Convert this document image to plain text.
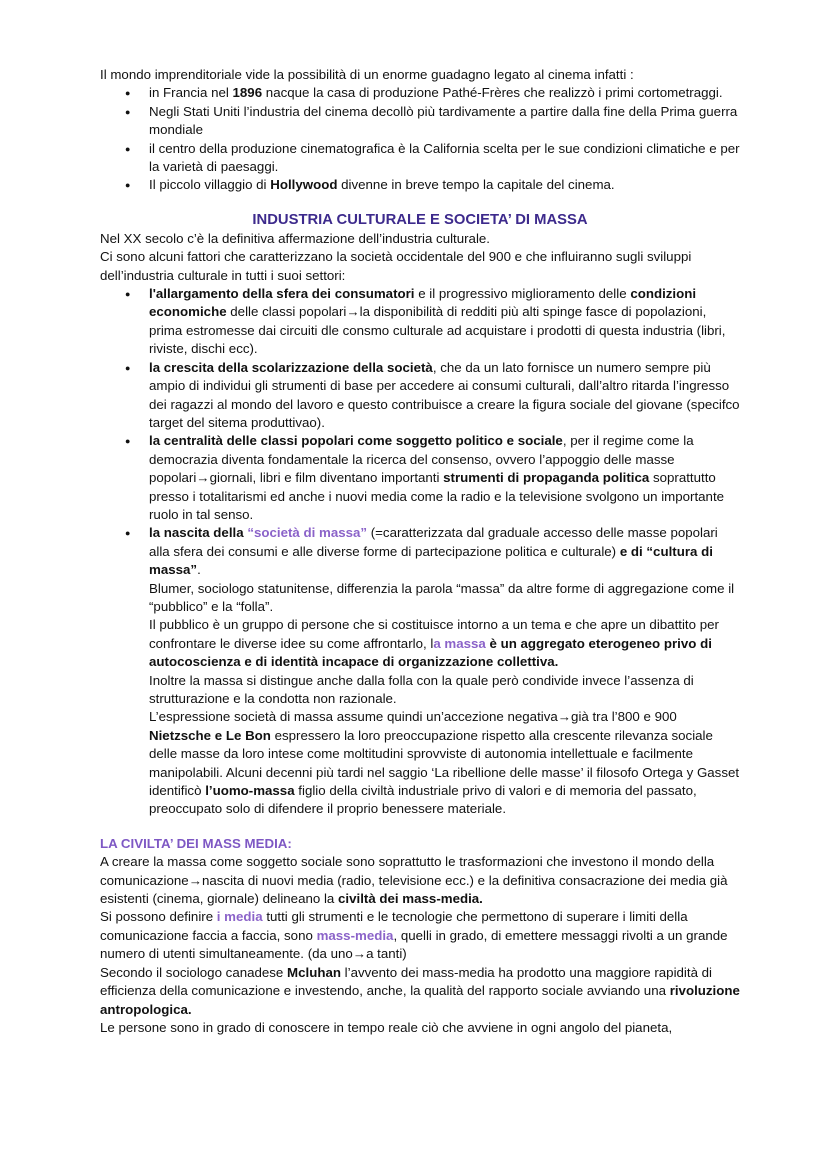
Il mondo imprenditoriale vide la possibilità di un enorme guadagno legato al cinema infatti :

● in Francia nel 1896 nacque la casa di produzione Pathé-Frères che realizzò i primi cortometraggi.
● Negli Stati Uniti l’industria del cinema decollò più tardivamente a partire dalla fine della Prima guerra mondiale
● il centro della produzione cinematografica è la California scelta per le sue condizioni climatiche e per la varietà di paesaggi.
● Il piccolo villaggio di Hollywood divenne in breve tempo la capitale del cinema.
INDUSTRIA CULTURALE E SOCIETA’ DI MASSA

Nel XX secolo c’è la definitiva affermazione dell’industria culturale.

Ci sono alcuni fattori che caratterizzano la società occidentale del 900 e che influiranno sugli sviluppi dell’industria culturale in tutti i suoi settori:

● l'allargamento della sfera dei consumatori e il progressivo miglioramento delle condizioni economiche delle classi popolari→la disponibilità di redditi più alti spinge fasce di popolazioni, prima estromesse dai circuiti dle consmo culturale ad acquistare i prodotti di questa industria (libri, riviste, dischi ecc).
● la crescita della scolarizzazione della società, che da un lato fornisce un numero sempre più ampio di individui gli strumenti di base per accedere ai consumi culturali, dall’altro ritarda l’ingresso dei ragazzi al mondo del lavoro e questo contribuisce a creare la figura sociale del giovane (specifco target del sitema produttivao).
● la centralità delle classi popolari come soggetto politico e sociale, per il regime come la democrazia diventa fondamentale la ricerca del consenso, ovvero l’appoggio delle masse popolari→giornali, libri e film diventano importanti strumenti di propaganda politica soprattutto presso i totalitarismi ed anche i nuovi media come la radio e la televisione svolgono un importante ruolo in tal senso.

● la nascita della “società di massa” (=caratterizzata dal graduale accesso delle masse popolari alla sfera dei consumi e alle diverse forme di partecipazione politica e culturale) e di “cultura di massa”.

Blumer, sociologo statunitense, differenzia la parola “massa” da altre forme di aggregazione come il “pubblico” e la “folla”.

Il pubblico è un gruppo di persone che si costituisce intorno a un tema e che apre un dibattito per confrontare le diverse idee su come affrontarlo, la massa è un aggregato eterogeneo privo di autocoscienza e di identità incapace di organizzazione collettiva.

Inoltre la massa si distingue anche dalla folla con la quale però condivide invece l’assenza di strutturazione e la condotta non razionale.

L’espressione società di massa assume quindi un’accezione negativa→già tra l’800 e 900 Nietzsche e Le Bon espressero la loro preoccupazione rispetto alla crescente rilevanza sociale delle masse da loro intese come moltitudini sprovviste di autonomia intellettuale e facilmente manipolabili. Alcuni decenni più tardi nel saggio ‘La ribellione delle masse’ il filosofo Ortega y Gasset identificò l’uomo-massa figlio della civiltà industriale privo di valori e di memoria del passato, preoccupato solo di difendere il proprio benessere materiale.

LA CIVILTA’ DEI MASS MEDIA:

A creare la massa come soggetto sociale sono soprattutto le trasformazioni che investono il mondo della comunicazione→nascita di nuovi media (radio, televisione ecc.) e la definitiva consacrazione dei media già esistenti (cinema, giornale) delineano la civiltà dei mass-media.

Si possono definire i media tutti gli strumenti e le tecnologie che permettono di superare i limiti della comunicazione faccia a faccia, sono mass-media, quelli in grado, di emettere messaggi rivolti a un grande numero di utenti simultaneamente. (da uno→a tanti)

Secondo il sociologo canadese Mcluhan l’avvento dei mass-media ha prodotto una maggiore rapidità di efficienza della comunicazione e investendo, anche, la qualità del rapporto sociale avviando una rivoluzione antropologica.

Le persone sono in grado di conoscere in tempo reale ciò che avviene in ogni angolo del pianeta,
